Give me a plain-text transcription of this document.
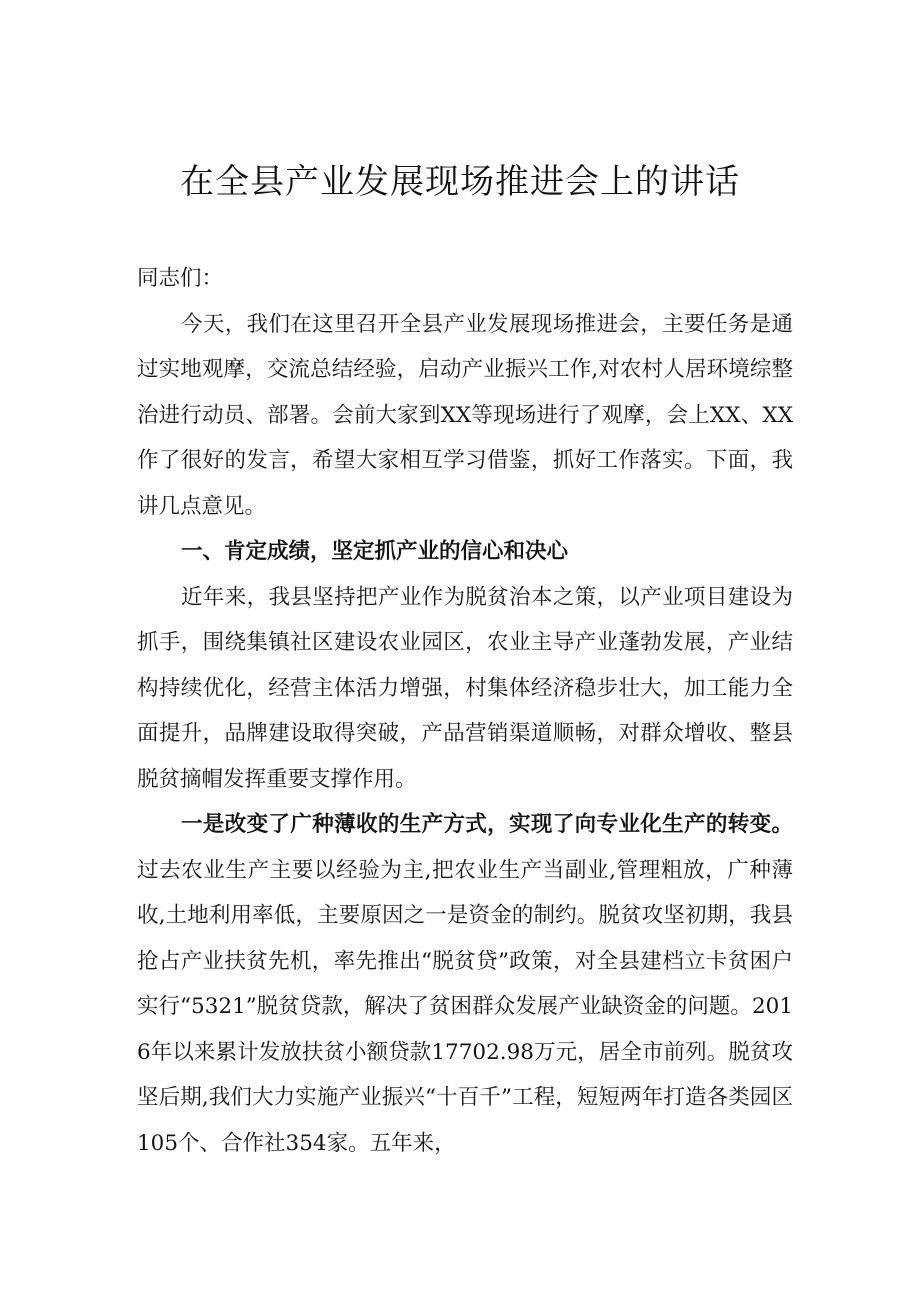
在全县产业发展现场推进会上的讲话

同志们：

今天，我们在这里召开全县产业发展现场推进会，主要任务是通过实地观摩，交流总结经验，启动产业振兴工作,对农村人居环境综整治进行动员、部署。会前大家到XX等现场进行了观摩，会上XX、XX作了很好的发言，希望大家相互学习借鉴，抓好工作落实。下面，我讲几点意见。

一、肯定成绩，坚定抓产业的信心和决心

近年来，我县坚持把产业作为脱贫治本之策，以产业项目建设为抓手，围绕集镇社区建设农业园区，农业主导产业蓬勃发展，产业结构持续优化，经营主体活力增强，村集体经济稳步壮大，加工能力全面提升，品牌建设取得突破，产品营销渠道顺畅，对群众增收、整县脱贫摘帽发挥重要支撑作用。

一是改变了广种薄收的生产方式，实现了向专业化生产的转变。过去农业生产主要以经验为主,把农业生产当副业,管理粗放，广种薄收,土地利用率低，主要原因之一是资金的制约。脱贫攻坚初期，我县抢占产业扶贫先机，率先推出“脱贫贷”政策，对全县建档立卡贫困户实行“5321”脱贫贷款，解决了贫困群众发展产业缺资金的问题。2016年以来累计发放扶贫小额贷款17702.98万元，居全市前列。脱贫攻坚后期,我们大力实施产业振兴“十百千”工程，短短两年打造各类园区105个、合作社354家。五年来，
